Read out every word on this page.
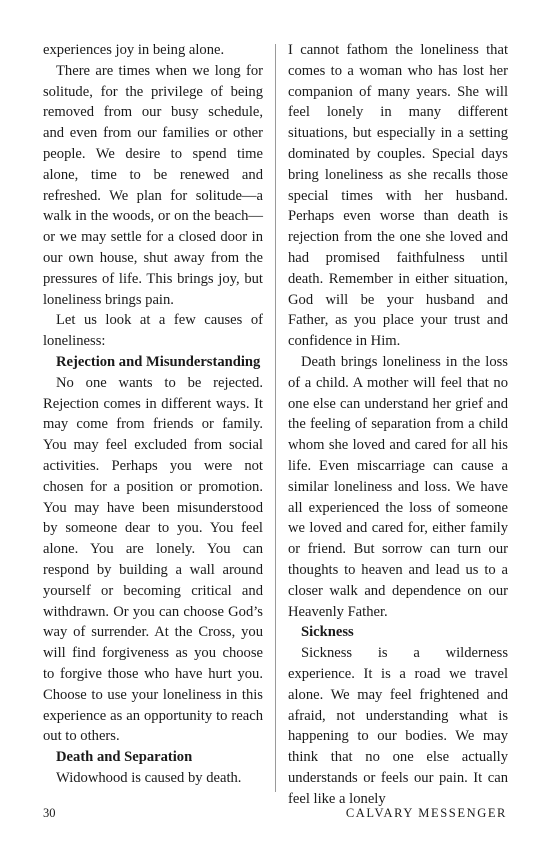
experiences joy in being alone.

There are times when we long for solitude, for the privilege of being removed from our busy schedule, and even from our families or other people. We desire to spend time alone, time to be renewed and refreshed. We plan for solitude—a walk in the woods, or on the beach—or we may settle for a closed door in our own house, shut away from the pressures of life. This brings joy, but loneliness brings pain.

Let us look at a few causes of loneliness:

Rejection and Misunderstanding

No one wants to be rejected. Rejection comes in different ways. It may come from friends or family. You may feel excluded from social activities. Perhaps you were not chosen for a position or promotion. You may have been misunderstood by someone dear to you. You feel alone. You are lonely. You can respond by building a wall around yourself or becoming critical and withdrawn. Or you can choose God’s way of surrender. At the Cross, you will find forgiveness as you choose to forgive those who have hurt you. Choose to use your loneliness in this experience as an opportunity to reach out to others.

Death and Separation

Widowhood is caused by death.

I cannot fathom the loneliness that comes to a woman who has lost her companion of many years. She will feel lonely in many different situations, but especially in a setting dominated by couples. Special days bring loneliness as she recalls those special times with her husband. Perhaps even worse than death is rejection from the one she loved and had promised faithfulness until death. Remember in either situation, God will be your husband and Father, as you place your trust and confidence in Him.

Death brings loneliness in the loss of a child. A mother will feel that no one else can understand her grief and the feeling of separation from a child whom she loved and cared for all his life. Even miscarriage can cause a similar loneliness and loss. We have all experienced the loss of someone we loved and cared for, either family or friend. But sorrow can turn our thoughts to heaven and lead us to a closer walk and dependence on our Heavenly Father.

Sickness

Sickness is a wilderness experience. It is a road we travel alone. We may feel frightened and afraid, not understanding what is happening to our bodies. We may think that no one else actually understands or feels our pain. It can feel like a lonely

30	CALVARY MESSENGER
